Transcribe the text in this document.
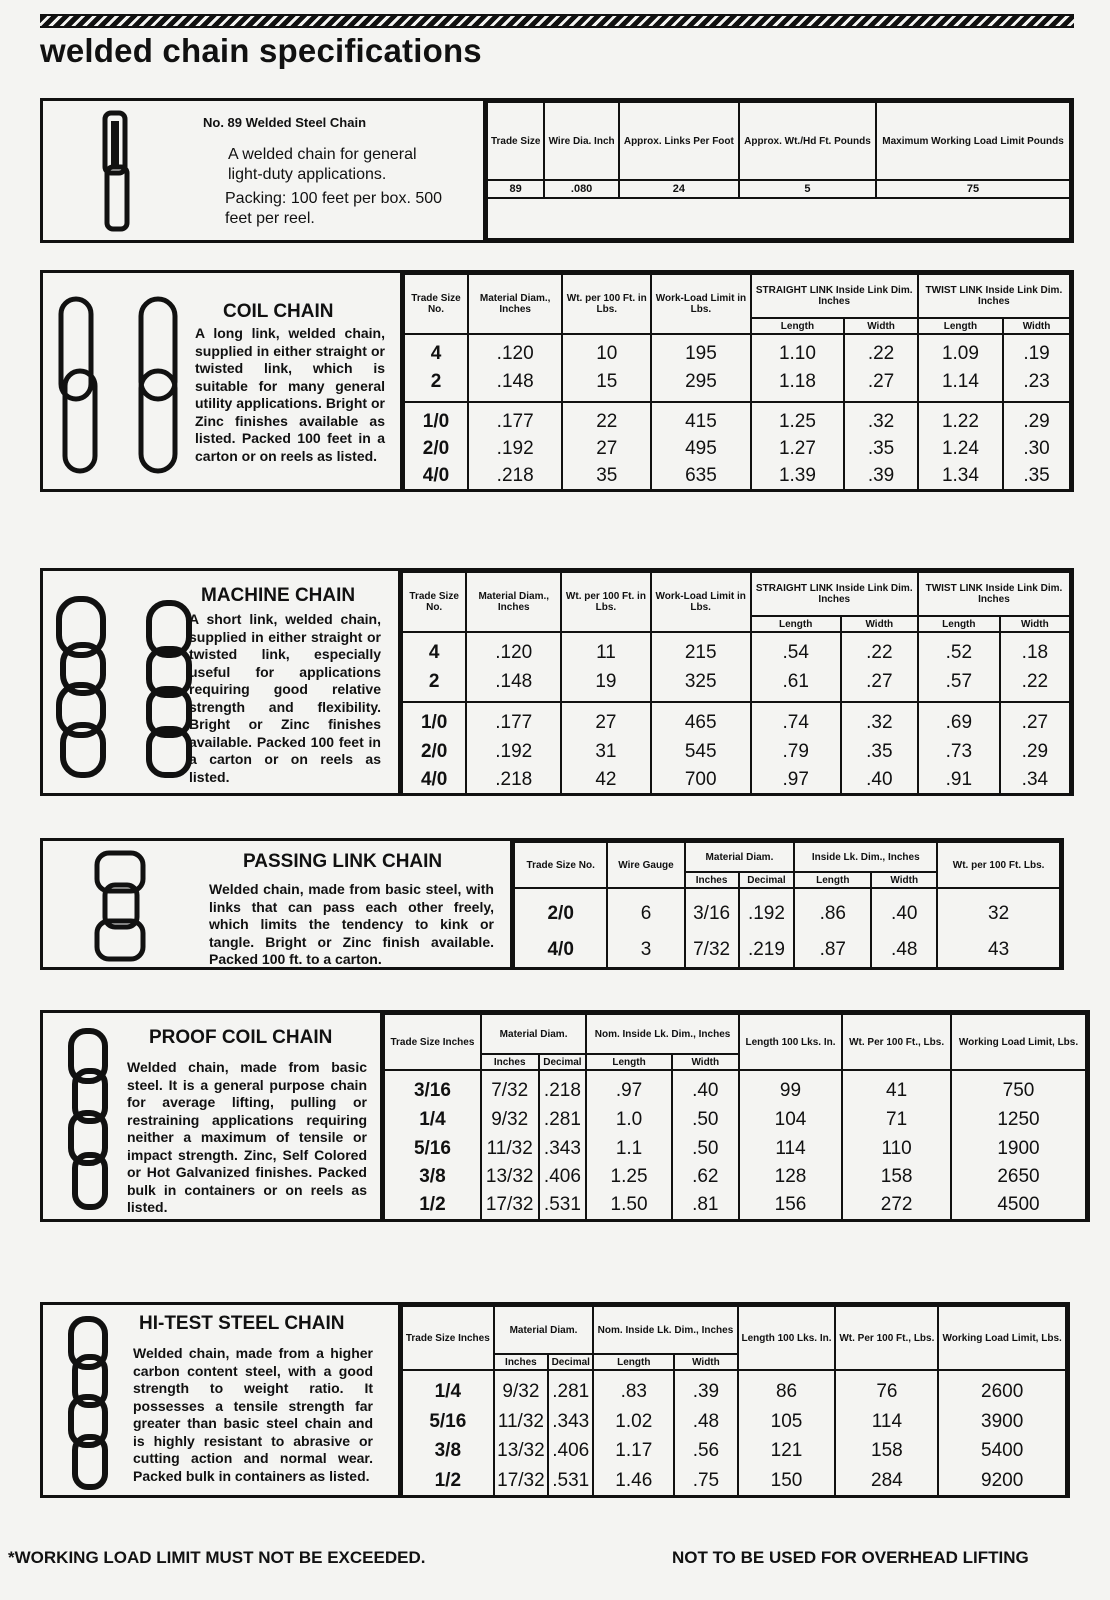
welded chain specifications

No. 89 Welded Steel Chain

A welded chain for general light-duty applications.

Packing: 100 feet per box. 500 feet per reel.

Trade Size	Wire Dia. Inch	Approx. Links Per Foot	Approx. Wt./Hd Ft. Pounds	Maximum Working Load Limit Pounds
89	.080	24	5	75

COIL CHAIN

A long link, welded chain, supplied in either straight or twisted link, which is suitable for many general utility applications. Bright or Zinc finishes available as listed. Packed 100 feet in a carton or on reels as listed.

Trade Size No.	Material Diam., Inches	Wt. per 100 Ft. in Lbs.	Work-Load Limit in Lbs.	STRAIGHT LINK Inside Link Dim. Inches		TWIST LINK Inside Link Dim. Inches	
				Length	Width	Length	Width
4	.120	10	195	1.10	.22	1.09	.19
2	.148	15	295	1.18	.27	1.14	.23
1/0	.177	22	415	1.25	.32	1.22	.29
2/0	.192	27	495	1.27	.35	1.24	.30
4/0	.218	35	635	1.39	.39	1.34	.35

MACHINE CHAIN

A short link, welded chain, supplied in either straight or twisted link, especially useful for applications requiring good relative strength and flexibility. Bright or Zinc finishes available. Packed 100 feet in a carton or on reels as listed.

Trade Size No.	Material Diam., Inches	Wt. per 100 Ft. in Lbs.	Work-Load Limit in Lbs.	STRAIGHT LINK Inside Link Dim. Inches		TWIST LINK Inside Link Dim. Inches	
				Length	Width	Length	Width
4	.120	11	215	.54	.22	.52	.18
2	.148	19	325	.61	.27	.57	.22
1/0	.177	27	465	.74	.32	.69	.27
2/0	.192	31	545	.79	.35	.73	.29
4/0	.218	42	700	.97	.40	.91	.34

PASSING LINK CHAIN

Welded chain, made from basic steel, with links that can pass each other freely, which limits the tendency to kink or tangle. Bright or Zinc finish available. Packed 100 ft. to a carton.

Trade Size No.	Wire Gauge	Material Diam.		Inside Lk. Dim., Inches		Wt. per 100 Ft. Lbs.
		Inches	Decimal	Length	Width	
2/0	6	3/16	.192	.86	.40	32
4/0	3	7/32	.219	.87	.48	43

PROOF COIL CHAIN

Welded chain, made from basic steel. It is a general purpose chain for average lifting, pulling or restraining applications requiring neither a maximum of tensile or impact strength. Zinc, Self Colored or Hot Galvanized finishes. Packed bulk in containers or on reels as listed.

Trade Size Inches	Material Diam.		Nom. Inside Lk. Dim., Inches		Length 100 Lks. In.	Wt. Per 100 Ft., Lbs.	Working Load Limit, Lbs.
	Inches	Decimal	Length	Width			
3/16	7/32	.218	.97	.40	99	41	750
1/4	9/32	.281	1.0	.50	104	71	1250
5/16	11/32	.343	1.1	.50	114	110	1900
3/8	13/32	.406	1.25	.62	128	158	2650
1/2	17/32	.531	1.50	.81	156	272	4500

HI-TEST STEEL CHAIN

Welded chain, made from a higher carbon content steel, with a good strength to weight ratio. It possesses a tensile strength far greater than basic steel chain and is highly resistant to abrasive or cutting action and normal wear. Packed bulk in containers as listed.

Trade Size Inches	Material Diam.		Nom. Inside Lk. Dim., Inches		Length 100 Lks. In.	Wt. Per 100 Ft., Lbs.	Working Load Limit, Lbs.
	Inches	Decimal	Length	Width			
1/4	9/32	.281	.83	.39	86	76	2600
5/16	11/32	.343	1.02	.48	105	114	3900
3/8	13/32	.406	1.17	.56	121	158	5400
1/2	17/32	.531	1.46	.75	150	284	9200
*WORKING LOAD LIMIT MUST NOT BE EXCEEDED.	NOT TO BE USED FOR OVERHEAD LIFTING
